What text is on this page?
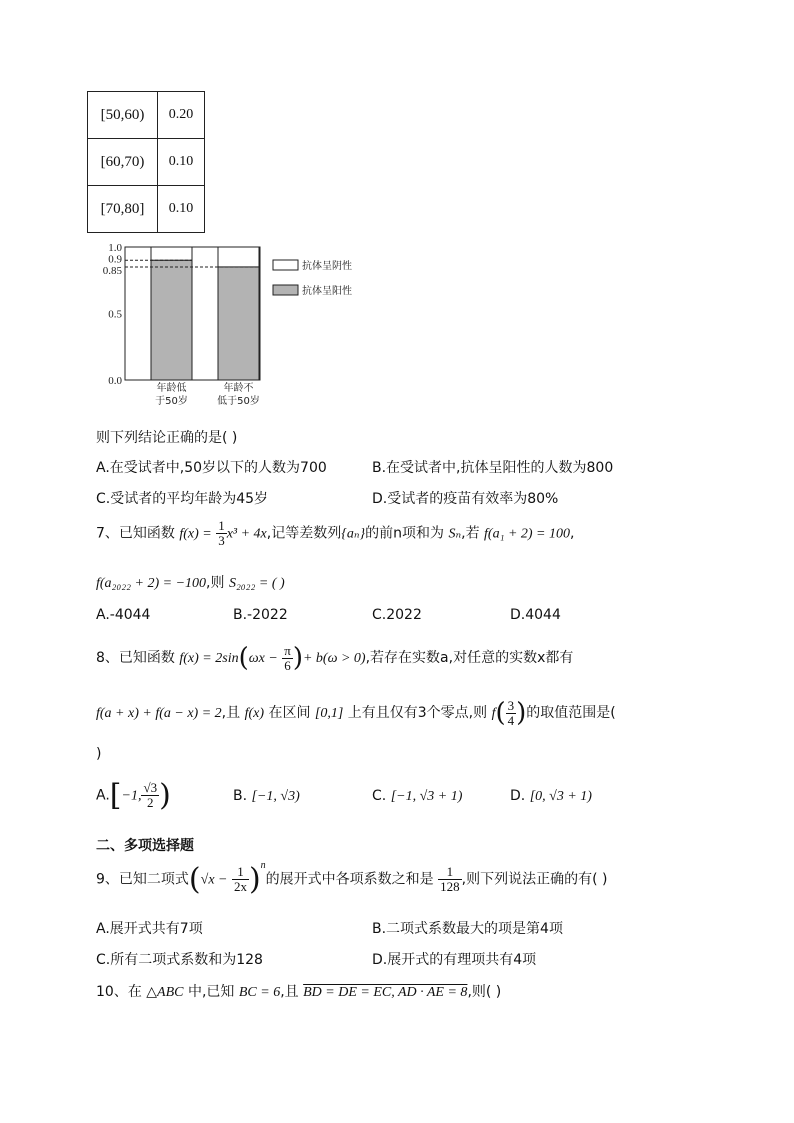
[50,60)	0.20
[60,70)	0.10
[70,80]	0.10
年龄低
于50岁
年龄不
低于50岁
1.0
0.9
0.85
0.5
0.0
抗体呈阴性
抗体呈阳性
则下列结论正确的是( )
A.在受试者中,50岁以下的人数为700	B.在受试者中,抗体呈阳性的人数为800
C.受试者的平均年龄为45岁	D.受试者的疫苗有效率为80%
7、已知函数 $f(x) = \frac{1}{3} x^3 + 4x$,记等差数列{aₙ}的前n项和为 Sₙ,若 f(a₁ + 2) = 100,
f(a₂₀₂₂ + 2) = −100,则 S₂₀₂₂ = ( )
A.-4044	B.-2022	C.2022	D.4044
8、已知函数 $f(x) = 2\sin(\omega x - \frac{\pi}{6}$ )+ b(ω > 0),若存在实数a,对任意的实数x都有
f(a + x) + f(a − x) = 2,且 f(x) 在区间 [0,1] 上有且仅有3个零点,则 $f( \frac{3}{4}$ )的取值范围是(
)
A.[−1, $\frac{√3}{2}$ )	B. [−1, √3)	C. [−1, √3 + 1)	D. [0, √3 + 1)
二、多项选择题
9、已知二项式$(√x - \frac{1}{2x} )^n$的展开式中各项系数之和是 $\frac{1}{128}$ ,则下列说法正确的有( )
A.展开式共有7项	B.二项式系数最大的项是第4项
C.所有二项式系数和为128	D.展开式的有理项共有4项
10、在 △ABC 中,已知 BC = 6,且 BD = DE = EC, AD · AE = 8,则( )
